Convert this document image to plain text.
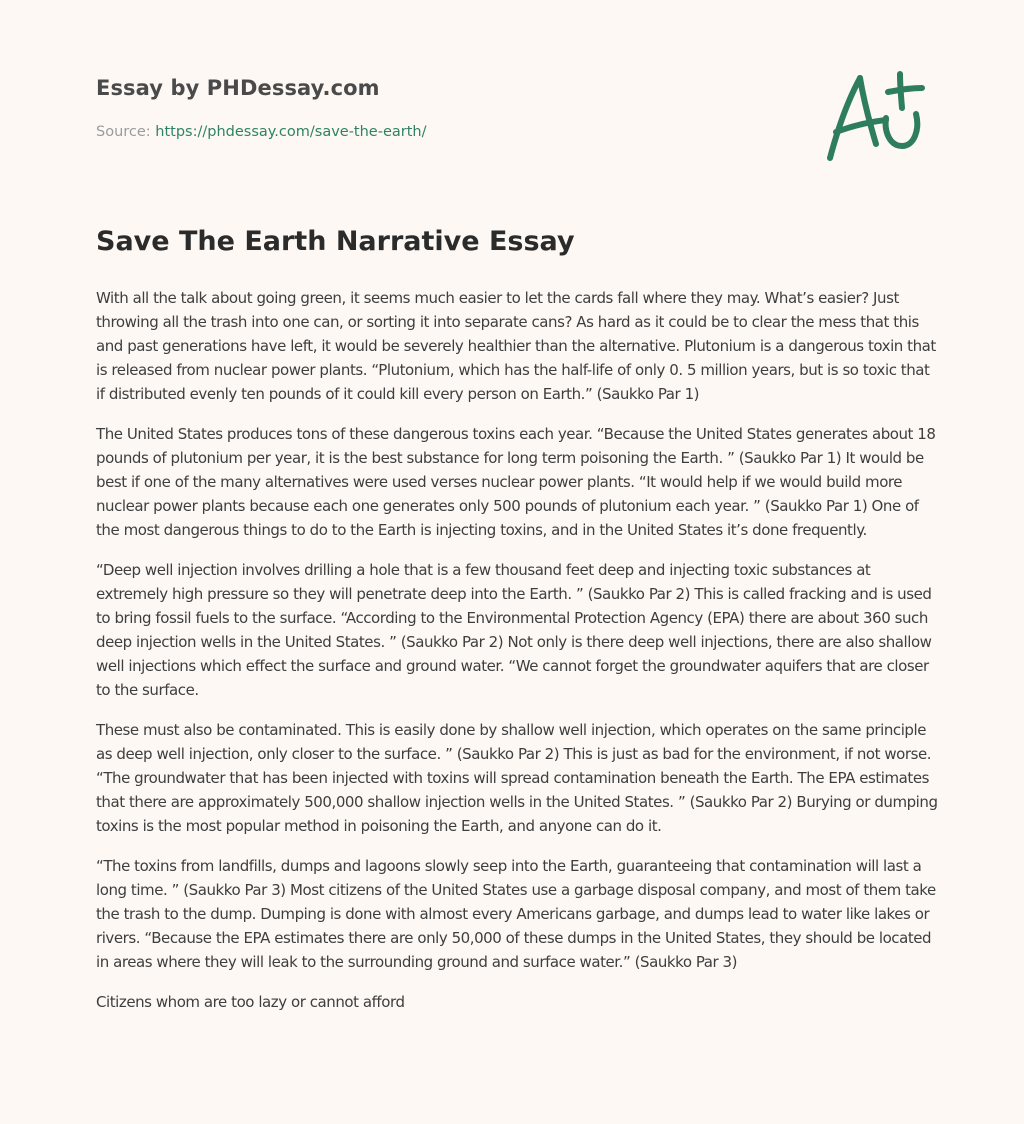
Essay by PHDessay.com
Source: https://phdessay.com/save-the-earth/
Save The Earth Narrative Essay

With all the talk about going green, it seems much easier to let the cards fall where they may. What’s easier? Just throwing all the trash into one can, or sorting it into separate cans? As hard as it could be to clear the mess that this and past generations have left, it would be severely healthier than the alternative. Plutonium is a dangerous toxin that is released from nuclear power plants. “Plutonium, which has the half-life of only 0. 5 million years, but is so toxic that if distributed evenly ten pounds of it could kill every person on Earth.” (Saukko Par 1)

The United States produces tons of these dangerous toxins each year. “Because the United States generates about 18 pounds of plutonium per year, it is the best substance for long term poisoning the Earth. ” (Saukko Par 1) It would be best if one of the many alternatives were used verses nuclear power plants. “It would help if we would build more nuclear power plants because each one generates only 500 pounds of plutonium each year. ” (Saukko Par 1) One of the most dangerous things to do to the Earth is injecting toxins, and in the United States it’s done frequently.

“Deep well injection involves drilling a hole that is a few thousand feet deep and injecting toxic substances at extremely high pressure so they will penetrate deep into the Earth. ” (Saukko Par 2) This is called fracking and is used to bring fossil fuels to the surface. “According to the Environmental Protection Agency (EPA) there are about 360 such deep injection wells in the United States. ” (Saukko Par 2) Not only is there deep well injections, there are also shallow well injections which effect the surface and ground water. “We cannot forget the groundwater aquifers that are closer to the surface.

These must also be contaminated. This is easily done by shallow well injection, which operates on the same principle as deep well injection, only closer to the surface. ” (Saukko Par 2) This is just as bad for the environment, if not worse. “The groundwater that has been injected with toxins will spread contamination beneath the Earth. The EPA estimates that there are approximately 500,000 shallow injection wells in the United States. ” (Saukko Par 2) Burying or dumping toxins is the most popular method in poisoning the Earth, and anyone can do it.

“The toxins from landfills, dumps and lagoons slowly seep into the Earth, guaranteeing that contamination will last a long time. ” (Saukko Par 3) Most citizens of the United States use a garbage disposal company, and most of them take the trash to the dump. Dumping is done with almost every Americans garbage, and dumps lead to water like lakes or rivers. “Because the EPA estimates there are only 50,000 of these dumps in the United States, they should be located in areas where they will leak to the surrounding ground and surface water.” (Saukko Par 3)

Citizens whom are too lazy or cannot afford
